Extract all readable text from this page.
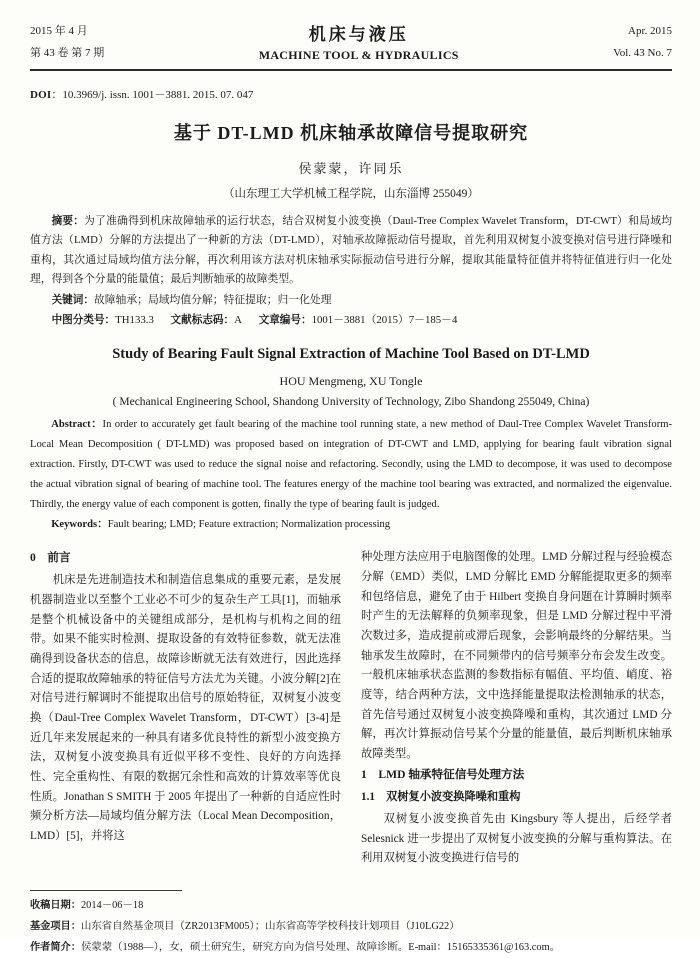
2015 年 4 月
第 43 卷 第 7 期
机床与液压
MACHINE TOOL & HYDRAULICS
Apr. 2015
Vol. 43 No. 7
DOI：10.3969/j. issn. 1001－3881. 2015. 07. 047
基于 DT-LMD 机床轴承故障信号提取研究
侯蒙蒙，许同乐
（山东理工大学机械工程学院，山东淄博 255049）
摘要：为了准确得到机床故障轴承的运行状态，结合双树复小波变换（Daul-Tree Complex Wavelet Transform，DT-CWT）和局域均值方法（LMD）分解的方法提出了一种新的方法（DT-LMD），对轴承故障振动信号提取，首先利用双树复小波变换对信号进行降噪和重构，其次通过局域均值方法分解，再次利用该方法对机床轴承实际振动信号进行分解，提取其能量特征值并将特征值进行归一化处理，得到各个分量的能量值；最后判断轴承的故障类型。
关键词：故障轴承；局域均值分解；特征提取；归一化处理
中图分类号：TH133.3 文献标志码：A 文章编号：1001－3881（2015）7－185－4
Study of Bearing Fault Signal Extraction of Machine Tool Based on DT-LMD
HOU Mengmeng, XU Tongle
( Mechanical Engineering School, Shandong University of Technology, Zibo Shandong 255049, China)
Abstract：In order to accurately get fault bearing of the machine tool running state, a new method of Daul-Tree Complex Wavelet Transform-Local Mean Decomposition ( DT-LMD) was proposed based on integration of DT-CWT and LMD, applying for bearing fault vibration signal extraction. Firstly, DT-CWT was used to reduce the signal noise and refactoring. Secondly, using the LMD to decompose, it was used to decompose the actual vibration signal of bearing of machine tool. The features energy of the machine tool bearing was extracted, and normalized the eigenvalue. Thirdly, the energy value of each component is gotten, finally the type of bearing fault is judged.
Keywords：Fault bearing; LMD; Feature extraction; Normalization processing
0　前言

机床是先进制造技术和制造信息集成的重要元素，是发展机器制造业以至整个工业必不可少的复杂生产工具[1]，而轴承是整个机械设备中的关键组成部分，是机构与机构之间的纽带。如果不能实时检测、提取设备的有效特征参数，就无法准确得到设备状态的信息，故障诊断就无法有效进行，因此选择合适的提取故障轴承的特征信号方法尤为关键。小波分解[2]在对信号进行解调时不能提取出信号的原始特征，双树复小波变换（Daul-Tree Complex Wavelet Transform，DT-CWT）[3-4]是近几年来发展起来的一种具有诸多优良特性的新型小波变换方法，双树复小波变换具有近似平移不变性、良好的方向选择性、完全重构性、有限的数据冗余性和高效的计算效率等优良性质。Jonathan S SMITH 于 2005 年提出了一种新的自适应性时频分析方法—局域均值分解方法（Local Mean Decomposition，LMD）[5]，并将这

种处理方法应用于电脑图像的处理。LMD 分解过程与经验模态分解（EMD）类似，LMD 分解比 EMD 分解能提取更多的频率和包络信息，避免了由于 Hilbert 变换自身问题在计算瞬时频率时产生的无法解释的负频率现象，但是 LMD 分解过程中平滑次数过多，造成提前或滞后现象，会影响最终的分解结果。当轴承发生故障时，在不同频带内的信号频率分布会发生改变。一般机床轴承状态监测的参数指标有幅值、平均值、峭度、裕度等，结合两种方法，文中选择能量提取法检测轴承的状态，首先信号通过双树复小波变换降噪和重构，其次通过 LMD 分解，再次计算振动信号某个分量的能量值，最后判断机床轴承故障类型。

1　LMD 轴承特征信号处理方法
1.1　双树复小波变换降噪和重构

双树复小波变换首先由 Kingsbury 等人提出，后经学者 Selesnick 进一步提出了双树复小波变换的分解与重构算法。在利用双树复小波变换进行信号的

收稿日期：2014－06－18
基金项目：山东省自然基金项目（ZR2013FM005）；山东省高等学校科技计划项目（J10LG22）
作者简介：侯蒙蒙（1988—），女，硕士研究生，研究方向为信号处理、故障诊断。E-mail：15165335361@163.com。
